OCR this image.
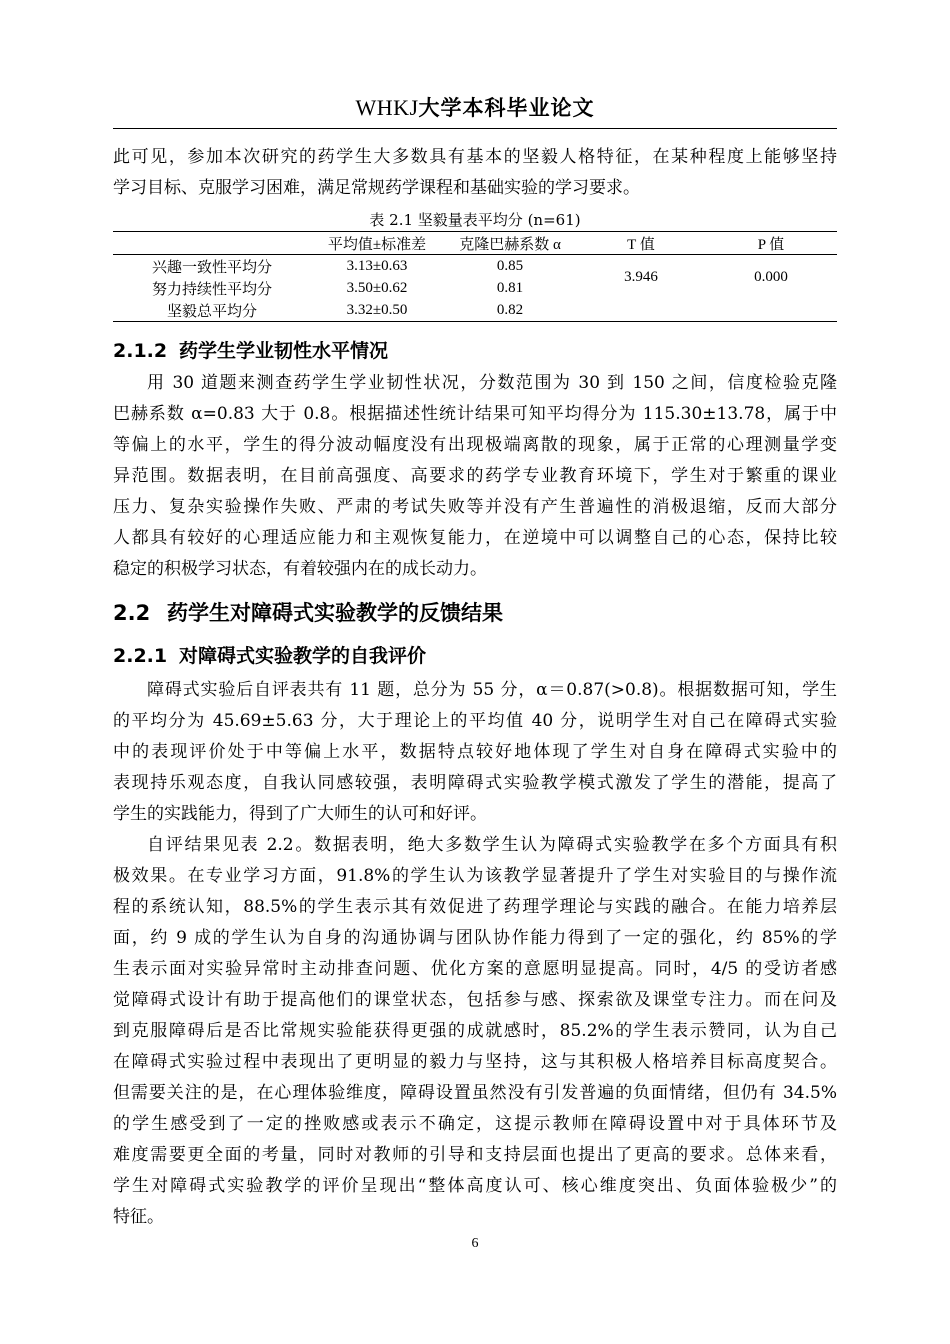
WHKJ大学本科毕业论文

此可见，参加本次研究的药学生大多数具有基本的坚毅人格特征，在某种程度上能够坚持
学习目标、克服学习困难，满足常规药学课程和基础实验的学习要求。

表 2.1 坚毅量表平均分 (n=61)
	平均值±标准差	克隆巴赫系数 α	T 值	P 值
兴趣一致性平均分	3.13±0.63	0.85	3.946	0.000
努力持续性平均分	3.50±0.62	0.81		
坚毅总平均分	3.32±0.50	0.82		
2.1.2 药学生学业韧性水平情况

用 30 道题来测查药学生学业韧性状况，分数范围为 30 到 150 之间，信度检验克隆
巴赫系数 α=0.83 大于 0.8。根据描述性统计结果可知平均得分为 115.30±13.78，属于中
等偏上的水平，学生的得分波动幅度没有出现极端离散的现象，属于正常的心理测量学变
异范围。数据表明，在目前高强度、高要求的药学专业教育环境下，学生对于繁重的课业
压力、复杂实验操作失败、严肃的考试失败等并没有产生普遍性的消极退缩，反而大部分
人都具有较好的心理适应能力和主观恢复能力，在逆境中可以调整自己的心态，保持比较
稳定的积极学习状态，有着较强内在的成长动力。

2.2 药学生对障碍式实验教学的反馈结果
2.2.1 对障碍式实验教学的自我评价

障碍式实验后自评表共有 11 题，总分为 55 分，α＝0.87(>0.8)。根据数据可知，学生
的平均分为 45.69±5.63 分，大于理论上的平均值 40 分，说明学生对自己在障碍式实验
中的表现评价处于中等偏上水平，数据特点较好地体现了学生对自身在障碍式实验中的
表现持乐观态度，自我认同感较强，表明障碍式实验教学模式激发了学生的潜能，提高了
学生的实践能力，得到了广大师生的认可和好评。

自评结果见表 2.2。数据表明，绝大多数学生认为障碍式实验教学在多个方面具有积
极效果。在专业学习方面，91.8%的学生认为该教学显著提升了学生对实验目的与操作流
程的系统认知，88.5%的学生表示其有效促进了药理学理论与实践的融合。在能力培养层
面，约 9 成的学生认为自身的沟通协调与团队协作能力得到了一定的强化，约 85%的学
生表示面对实验异常时主动排查问题、优化方案的意愿明显提高。同时，4/5 的受访者感
觉障碍式设计有助于提高他们的课堂状态，包括参与感、探索欲及课堂专注力。而在问及
到克服障碍后是否比常规实验能获得更强的成就感时，85.2%的学生表示赞同，认为自己
在障碍式实验过程中表现出了更明显的毅力与坚持，这与其积极人格培养目标高度契合。
但需要关注的是，在心理体验维度，障碍设置虽然没有引发普遍的负面情绪，但仍有 34.5%
的学生感受到了一定的挫败感或表示不确定，这提示教师在障碍设置中对于具体环节及
难度需要更全面的考量，同时对教师的引导和支持层面也提出了更高的要求。总体来看，
学生对障碍式实验教学的评价呈现出“整体高度认可、核心维度突出、负面体验极少”的
特征。

6
